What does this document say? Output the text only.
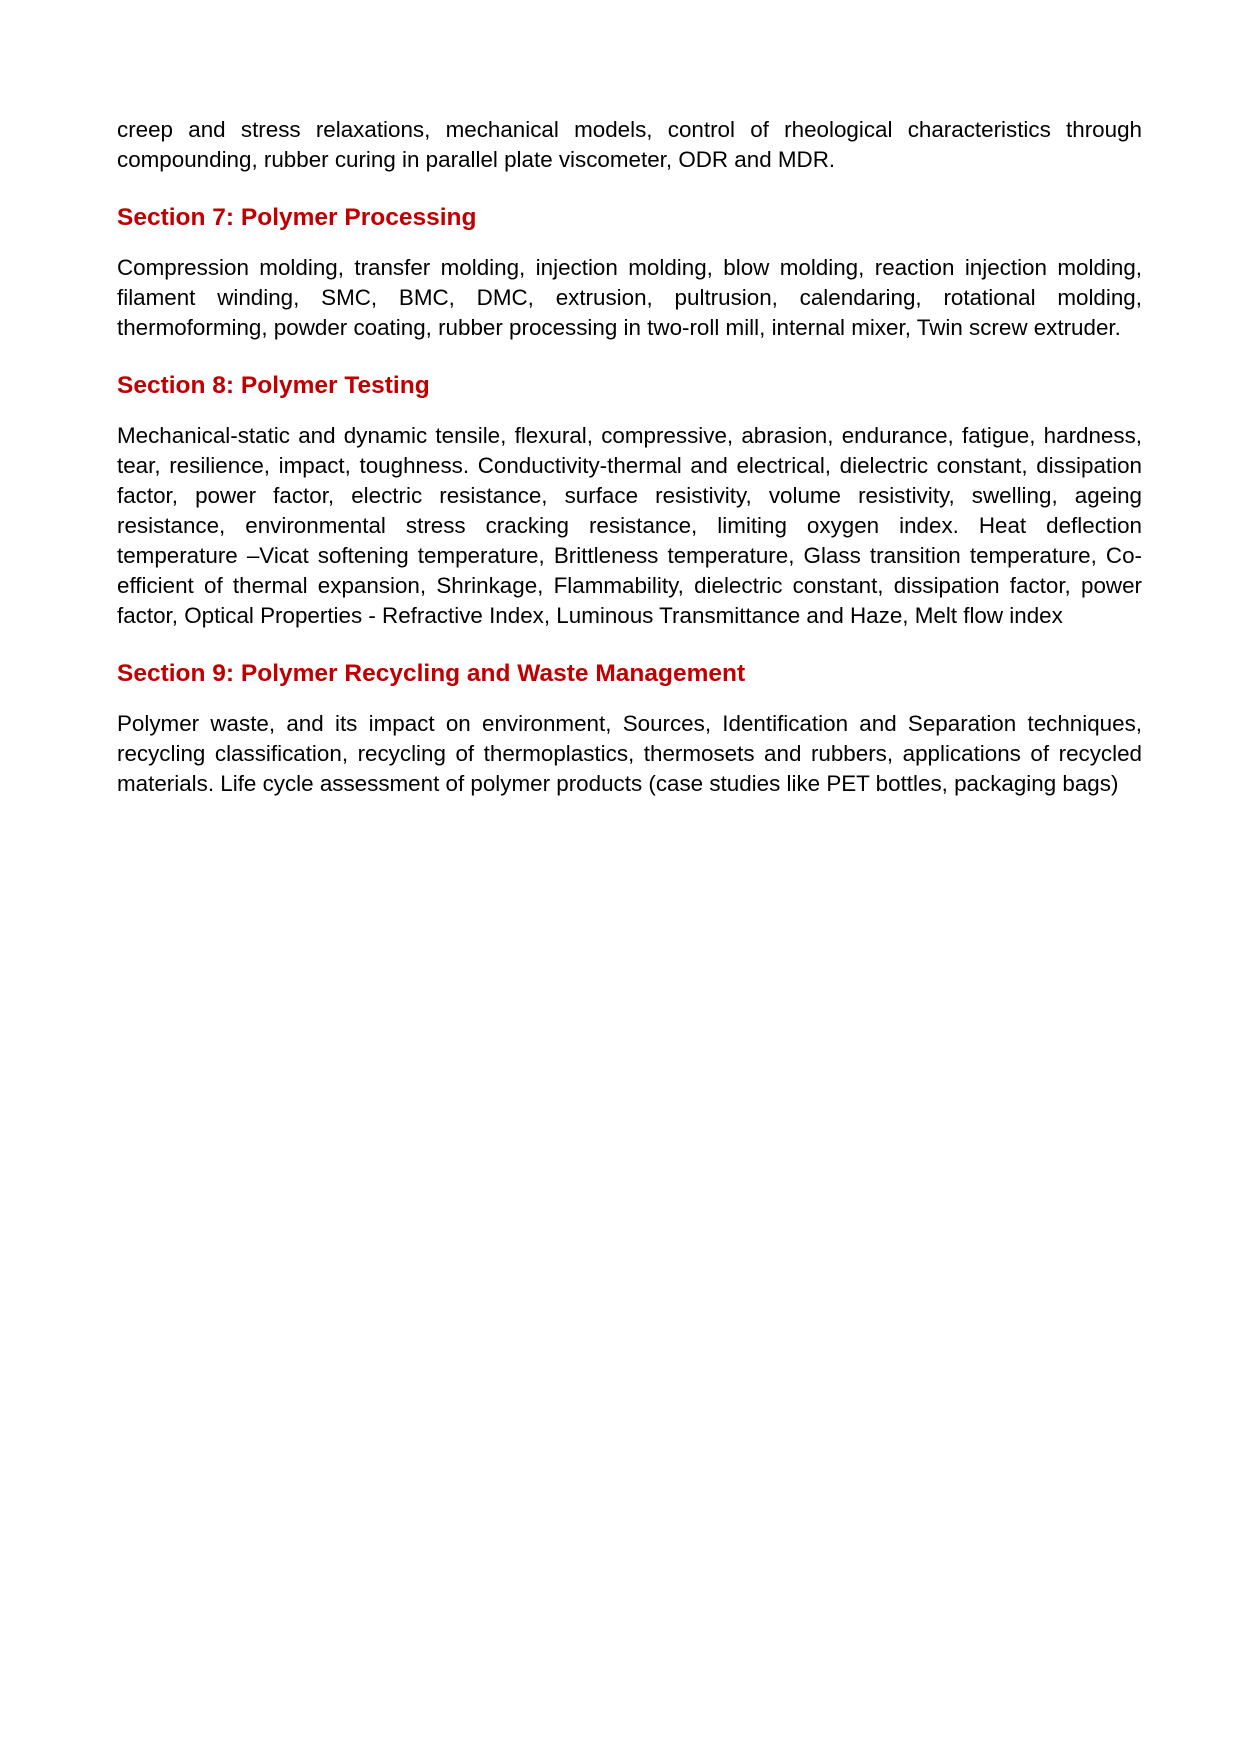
creep and stress relaxations, mechanical models, control of rheological characteristics through compounding, rubber curing in parallel plate viscometer, ODR and MDR.

Section 7: Polymer Processing

Compression molding, transfer molding, injection molding, blow molding, reaction injection molding, filament winding, SMC, BMC, DMC, extrusion, pultrusion, calendaring, rotational molding, thermoforming, powder coating, rubber processing in two-roll mill, internal mixer, Twin screw extruder.

Section 8: Polymer Testing

Mechanical-static and dynamic tensile, flexural, compressive, abrasion, endurance, fatigue, hardness, tear, resilience, impact, toughness. Conductivity-thermal and electrical, dielectric constant, dissipation factor, power factor, electric resistance, surface resistivity, volume resistivity, swelling, ageing resistance, environmental stress cracking resistance, limiting oxygen index. Heat deflection temperature –Vicat softening temperature, Brittleness temperature, Glass transition temperature, Co-efficient of thermal expansion, Shrinkage, Flammability, dielectric constant, dissipation factor, power factor, Optical Properties - Refractive Index, Luminous Transmittance and Haze, Melt flow index

Section 9: Polymer Recycling and Waste Management

Polymer waste, and its impact on environment, Sources, Identification and Separation techniques, recycling classification, recycling of thermoplastics, thermosets and rubbers, applications of recycled materials. Life cycle assessment of polymer products (case studies like PET bottles, packaging bags)
